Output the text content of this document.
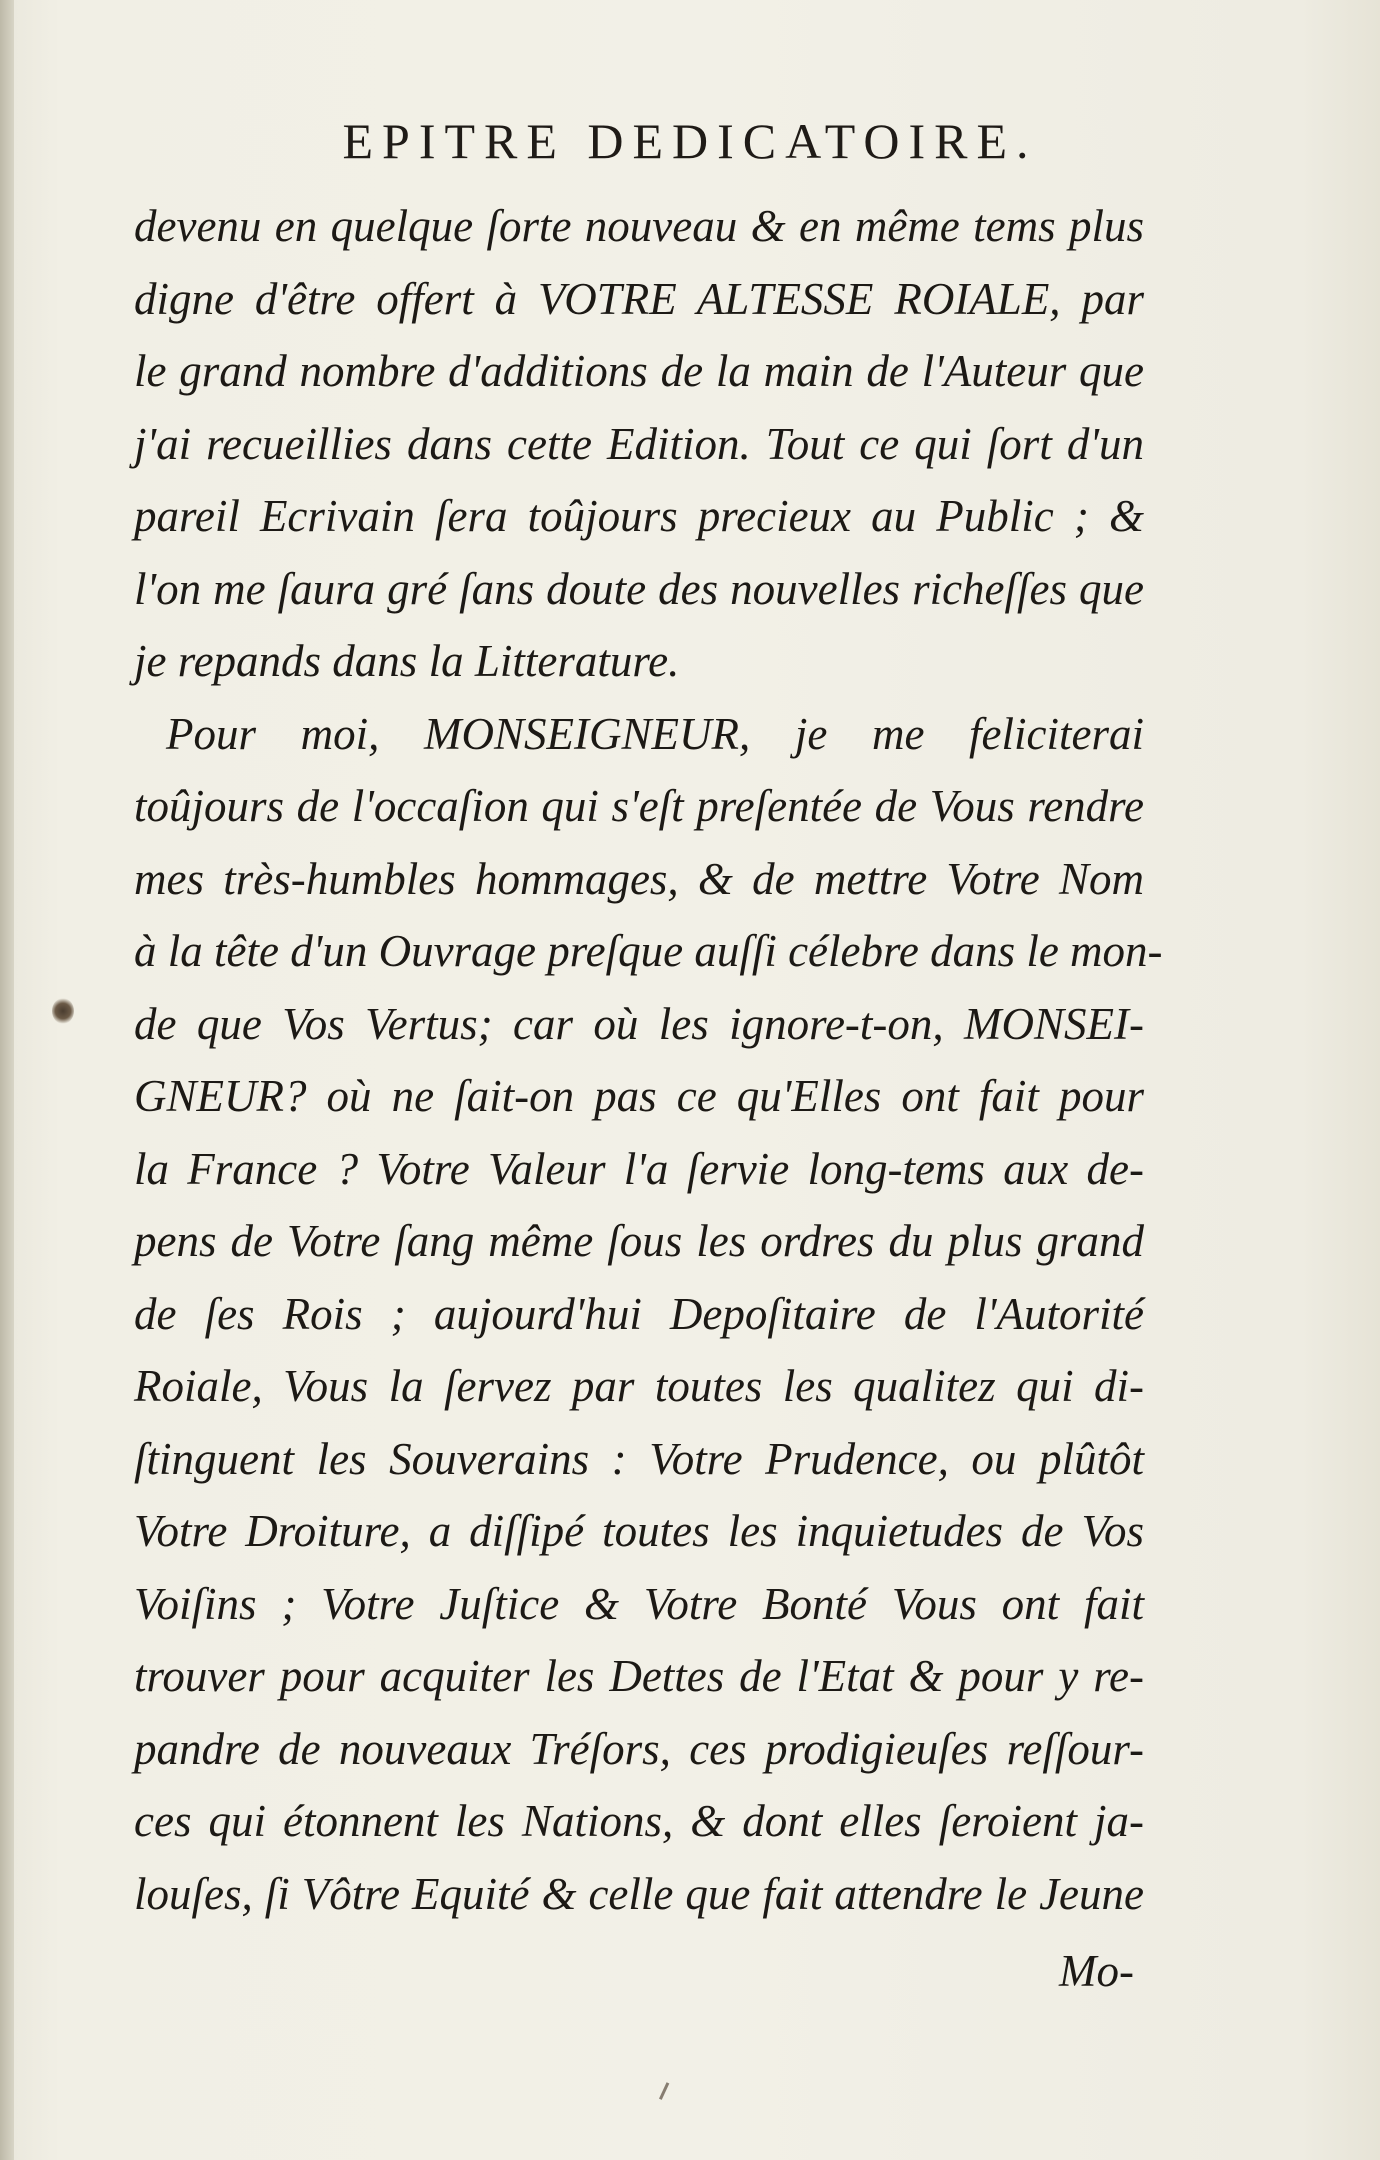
EPITRE DEDICATOIRE.
devenu en quelque ſorte nouveau & en même tems plus
digne d'être offert à VOTRE ALTESSE ROIALE, par
le grand nombre d'additions de la main de l'Auteur que
j'ai recueillies dans cette Edition. Tout ce qui ſort d'un
pareil Ecrivain ſera toûjours precieux au Public ; &
l'on me ſaura gré ſans doute des nouvelles richeſſes que
je repands dans la Litterature.
Pour moi, MONSEIGNEUR, je me feliciterai
toûjours de l'occaſion qui s'eſt preſentée de Vous rendre
mes très-humbles hommages, & de mettre Votre Nom
à la tête d'un Ouvrage preſque auſſi célebre dans le mon-
de que Vos Vertus; car où les ignore-t-on, MONSEI-
GNEUR? où ne ſait-on pas ce qu'Elles ont fait pour
la France ? Votre Valeur l'a ſervie long-tems aux de-
pens de Votre ſang même ſous les ordres du plus grand
de ſes Rois ; aujourd'hui Depoſitaire de l'Autorité
Roiale, Vous la ſervez par toutes les qualitez qui di-
ſtinguent les Souverains : Votre Prudence, ou plûtôt
Votre Droiture, a diſſipé toutes les inquietudes de Vos
Voiſins ; Votre Juſtice & Votre Bonté Vous ont fait
trouver pour acquiter les Dettes de l'Etat & pour y re-
pandre de nouveaux Tréſors, ces prodigieuſes reſſour-
ces qui étonnent les Nations, & dont elles ſeroient ja-
louſes, ſi Vôtre Equité & celle que fait attendre le Jeune
Mo-
